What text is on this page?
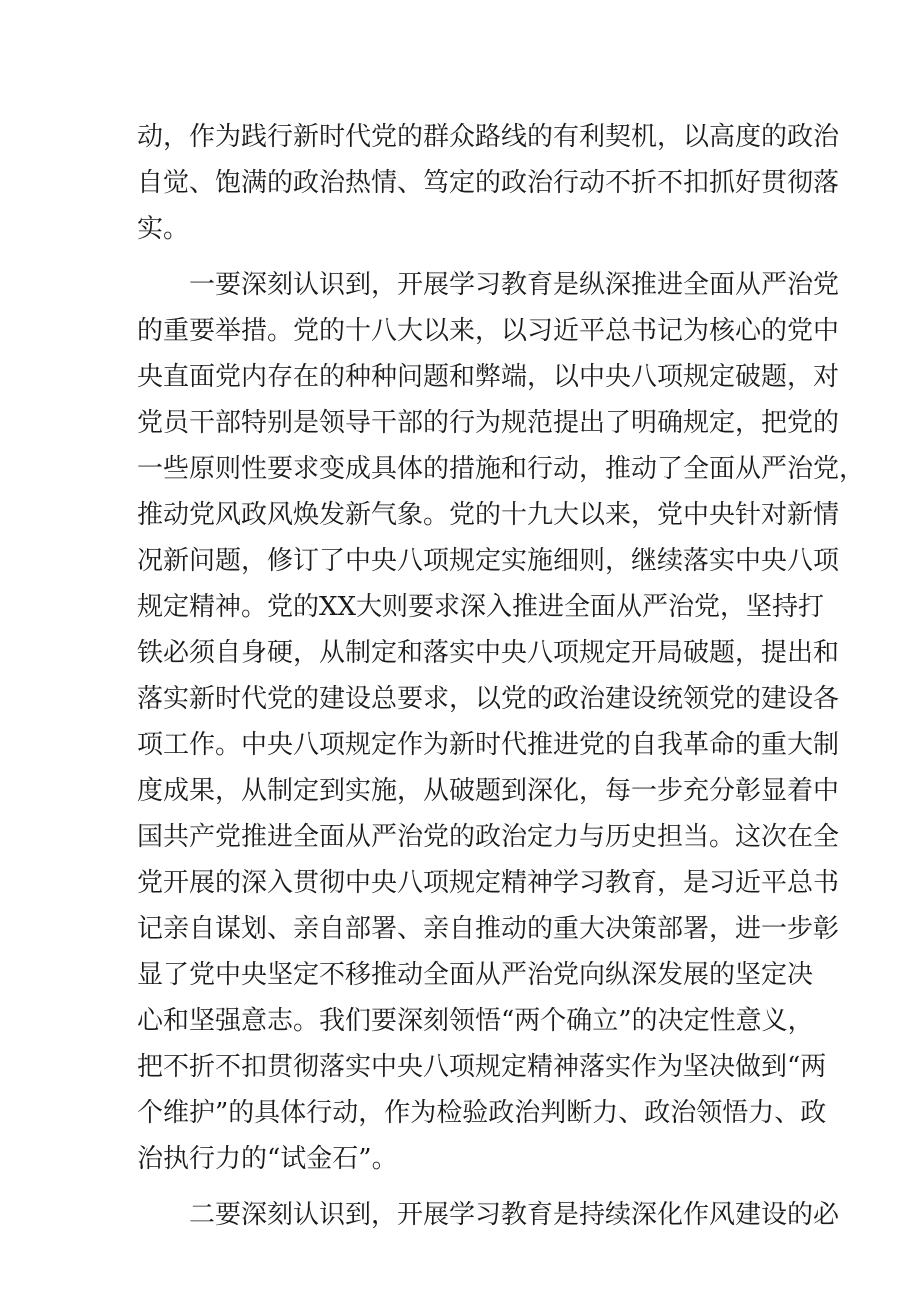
动，作为践行新时代党的群众路线的有利契机，以高度的政治
自觉、饱满的政治热情、笃定的政治行动不折不扣抓好贯彻落
实。
一要深刻认识到，开展学习教育是纵深推进全面从严治党
的重要举措。党的十八大以来，以习近平总书记为核心的党中
央直面党内存在的种种问题和弊端，以中央八项规定破题，对
党员干部特别是领导干部的行为规范提出了明确规定，把党的
一些原则性要求变成具体的措施和行动，推动了全面从严治党，
推动党风政风焕发新气象。党的十九大以来，党中央针对新情
况新问题，修订了中央八项规定实施细则，继续落实中央八项
规定精神。党的XX大则要求深入推进全面从严治党，坚持打
铁必须自身硬，从制定和落实中央八项规定开局破题，提出和
落实新时代党的建设总要求，以党的政治建设统领党的建设各
项工作。中央八项规定作为新时代推进党的自我革命的重大制
度成果，从制定到实施，从破题到深化，每一步充分彰显着中
国共产党推进全面从严治党的政治定力与历史担当。这次在全
党开展的深入贯彻中央八项规定精神学习教育，是习近平总书
记亲自谋划、亲自部署、亲自推动的重大决策部署，进一步彰
显了党中央坚定不移推动全面从严治党向纵深发展的坚定决
心和坚强意志。我们要深刻领悟“两个确立”的决定性意义，
把不折不扣贯彻落实中央八项规定精神落实作为坚决做到“两
个维护”的具体行动，作为检验政治判断力、政治领悟力、政
治执行力的“试金石”。
二要深刻认识到，开展学习教育是持续深化作风建设的必
